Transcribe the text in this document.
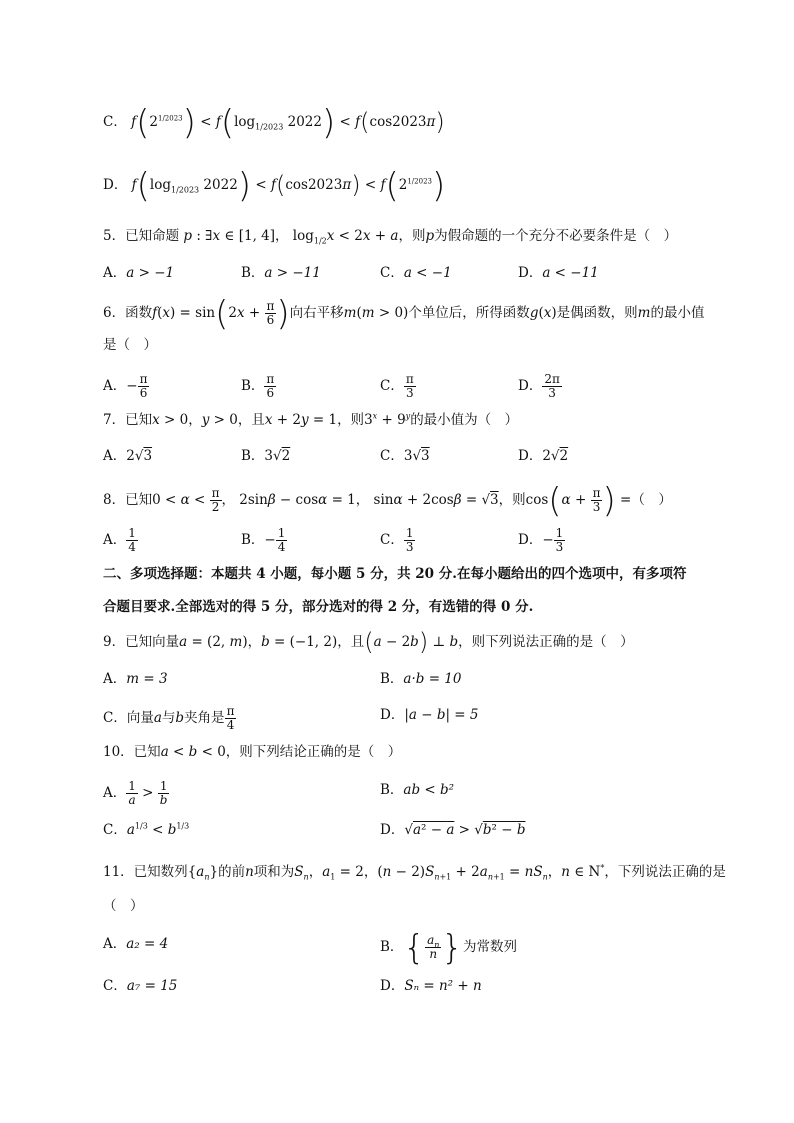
C． $f(2^{1/2023}) < f(\log_{1/2023}$ 2022) < f(cos2023π)
D． $f(\log_{1/2023}$ $2022) < f(\cos 2023\pi) < f(2^{1/2023})$
5．已知命题 p : ∃x ∈ [1, 4]， $\log_{1/2}x < 2x + a$，则p为假命题的一个充分不必要条件是（　）
A．a > −1	B．a > −11	C．a < −1	D．a < −11
6．函数$f(x) = \sin(2x + \frac{\pi}{6}$ )向右平移m(m > 0)个单位后，所得函数g(x)是偶函数，则m的最小值
是（　）
A．− $\frac{\pi}{6}$	B． $\frac{\pi}{6}$	C． $\frac{\pi}{3}$	D． $\frac{2\pi}{3}$
7．已知x > 0，y > 0，且x + 2y = 1，则$3^x + 9^y$的最小值为（　）
A．2√3	B．3√2	C．3√3	D．2√2
8．已知$0 < \alpha < \frac{\pi}{2}$ ， 2sinβ − cosα = 1， sinα + 2cosβ = √3，则$\cos(\alpha + \frac{\pi}{3}$ ) =（　）
A． $\frac{1}{4}$	B．− $\frac{1}{4}$	C． $\frac{1}{3}$	D．− $\frac{1}{3}$
二、多项选择题：本题共 4 小题，每小题 5 分，共 20 分.在每小题给出的四个选项中，有多项符
合题目要求.全部选对的得 5 分，部分选对的得 2 分，有选错的得 0 分.
9．已知向量a = (2, m)，b = (−1, 2)，且(a − 2b) ⊥ b，则下列说法正确的是（　）
A．m = 3	B．a·b = 10
C．向量a与b夹角是 $\frac{\pi}{4}$	D．|a − b| = 5
10．已知a < b < 0，则下列结论正确的是（　）
A． $\frac{1}{a} > \frac{1}{b}$	B．ab < b²
C．$a^{1/3} < b^{1/3}$	D．√a² − a > √b² − b
11．已知数列$\{a_n\}$的前n项和为$S_n$，$a_1 = 2$，$(n - 2)S_{n+1} + 2a_{n+1} = nS_n$，n ∈ N*，下列说法正确的是
（　）
A．a₂ = 4	B．{ $\frac{a_n}{n}$ }为常数列
C．a₇ = 15	D．Sₙ = n² + n
